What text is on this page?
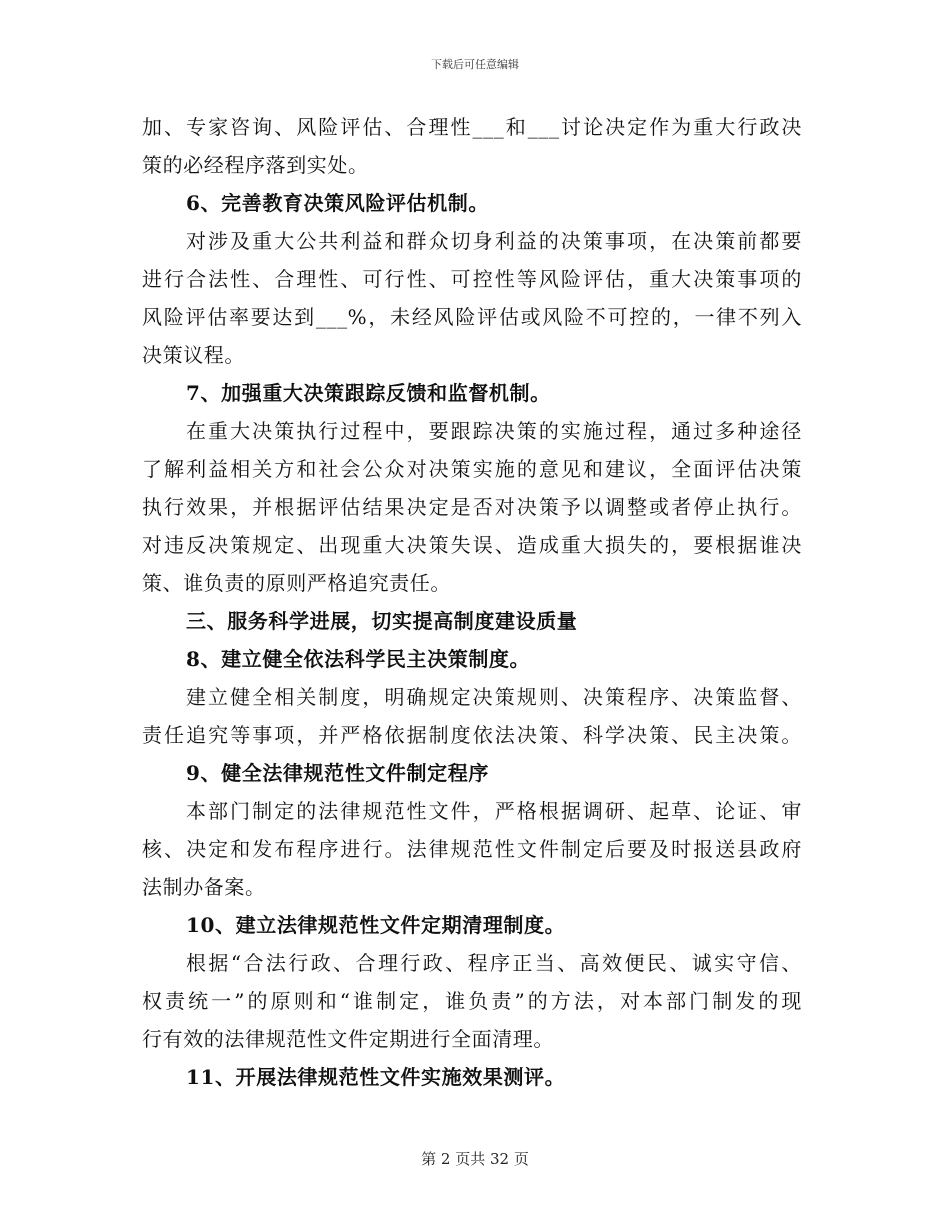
下载后可任意编辑
加、专家咨询、风险评估、合理性___和___讨论决定作为重大行政决
策的必经程序落到实处。
6、完善教育决策风险评估机制。
对涉及重大公共利益和群众切身利益的决策事项，在决策前都要
进行合法性、合理性、可行性、可控性等风险评估，重大决策事项的
风险评估率要达到___%，未经风险评估或风险不可控的，一律不列入
决策议程。
7、加强重大决策跟踪反馈和监督机制。
在重大决策执行过程中，要跟踪决策的实施过程，通过多种途径
了解利益相关方和社会公众对决策实施的意见和建议，全面评估决策
执行效果，并根据评估结果决定是否对决策予以调整或者停止执行。
对违反决策规定、出现重大决策失误、造成重大损失的，要根据谁决
策、谁负责的原则严格追究责任。
三、服务科学进展，切实提高制度建设质量
8、建立健全依法科学民主决策制度。
建立健全相关制度，明确规定决策规则、决策程序、决策监督、
责任追究等事项，并严格依据制度依法决策、科学决策、民主决策。
9、健全法律规范性文件制定程序
本部门制定的法律规范性文件，严格根据调研、起草、论证、审
核、决定和发布程序进行。法律规范性文件制定后要及时报送县政府
法制办备案。
10、建立法律规范性文件定期清理制度。
根据“合法行政、合理行政、程序正当、高效便民、诚实守信、
权责统一”的原则和“谁制定，谁负责”的方法，对本部门制发的现
行有效的法律规范性文件定期进行全面清理。
11、开展法律规范性文件实施效果测评。
第 2 页共 32 页
